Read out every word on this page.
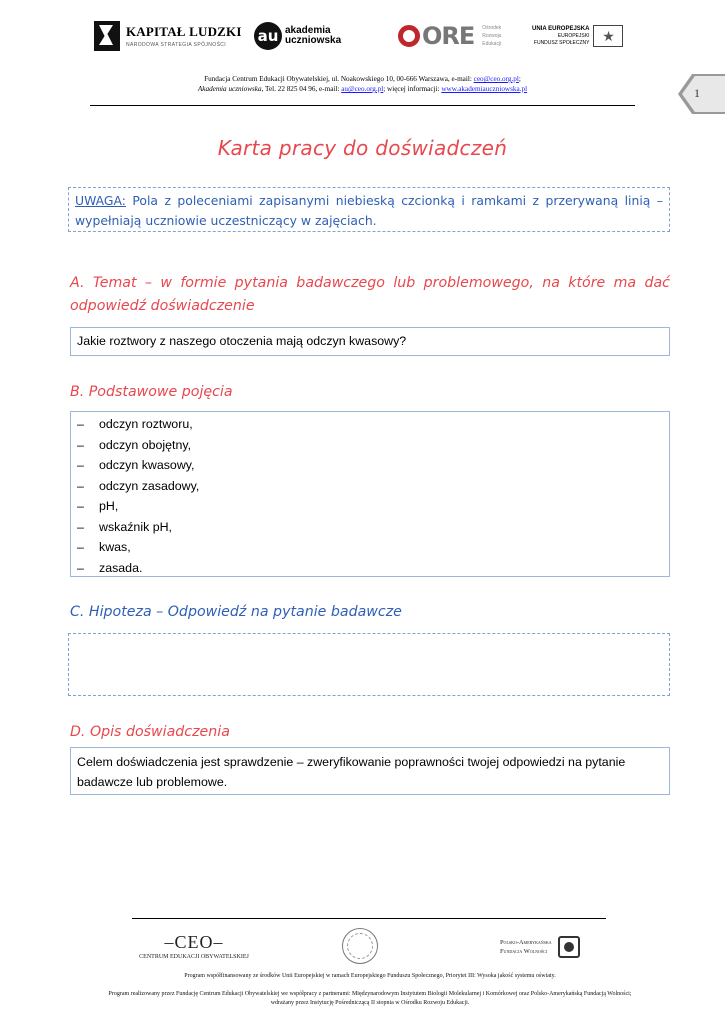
KAPITAŁ LUDZKI
NARODOWA STRATEGIA SPÓJNOŚCI	au akademia
uczniowska	ORE Ośrodek
Rozwoju
Edukacji
UNIA EUROPEJSKA
EUROPEJSKI
FUNDUSZ SPOŁECZNY ★
Fundacja Centrum Edukacji Obywatelskiej, ul. Noakowskiego 10, 00-666 Warszawa, e-mail: ceo@ceo.org.pl;
Akademia uczniowska, Tel. 22 825 04 96, e-mail: au@ceo.org.pl; więcej informacji: www.akademiauczniowska.pl	1
Karta pracy do doświadczeń
UWAGA: Pola z poleceniami zapisanymi niebieską czcionką i ramkami z przerywaną linią – wypełniają uczniowie uczestniczący w zajęciach.
A. Temat – w formie pytania badawczego lub problemowego, na które ma dać odpowiedź doświadczenie
Jakie roztwory z naszego otoczenia mają odczyn kwasowy?
B. Podstawowe pojęcia
–	odczyn roztworu,
–	odczyn obojętny,
–	odczyn kwasowy,
–	odczyn zasadowy,
–	pH,
–	wskaźnik pH,
–	kwas,
–	zasada.
C. Hipoteza – Odpowiedź na pytanie badawcze
D. Opis doświadczenia
Celem doświadczenia jest sprawdzenie – zweryfikowanie poprawności twojej odpowiedzi na pytanie badawcze lub problemowe.
–CEO–
CENTRUM EDUKACJI OBYWATELSKIEJ
Polsko-Amerykańska
Fundacja Wolności
Program współfinansowany ze środków Unii Europejskiej w ramach Europejskiego Funduszu Społecznego, Priorytet III: Wysoka jakość systemu oświaty.
Program realizowany przez Fundację Centrum Edukacji Obywatelskiej we współpracy z partnerami: Międzynarodowym Instytutem Biologii Molekularnej i Komórkowej oraz Polsko-Amerykańską Fundacją Wolności;
wdrażany przez Instytucję Pośredniczącą II stopnia w Ośrodku Rozwoju Edukacji.
